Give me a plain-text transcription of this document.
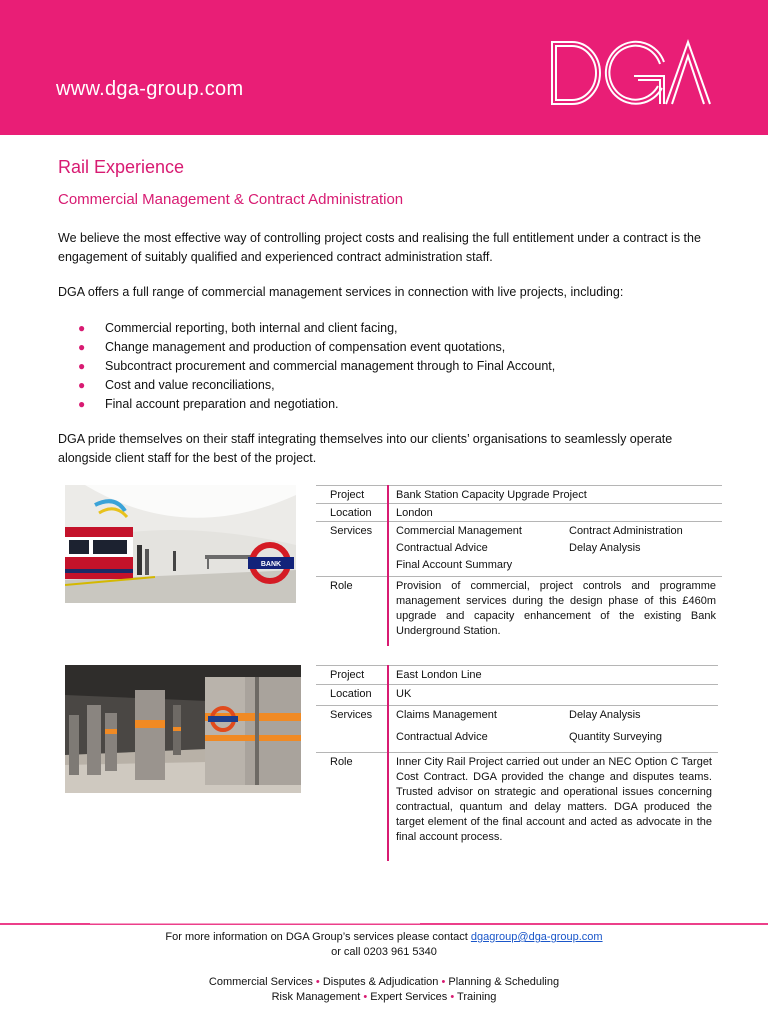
www.dga-group.com
Rail Experience
Commercial Management & Contract Administration
We believe the most effective way of controlling project costs and realising the full entitlement under a contract is the engagement of suitably qualified and experienced contract administration staff.
DGA offers a full range of commercial management services in connection with live projects, including:
● Commercial reporting, both internal and client facing,
● Change management and production of compensation event quotations,
● Subcontract procurement and commercial management through to Final Account,
● Cost and value reconciliations,
● Final account preparation and negotiation.
DGA pride themselves on their staff integrating themselves into our clients’ organisations to seamlessly operate alongside client staff for the best of the project.
BANK
Project	Bank Station Capacity Upgrade Project
Location London
Services Commercial Management	Contract Administration
Contractual Advice	Delay Analysis
Final Account Summary
Role	Provision of commercial, project controls and programme management services during the design phase of this £460m upgrade and capacity enhancement of the existing Bank Underground Station.
Project	East London Line
Location UK
Services Claims Management	Delay Analysis
Contractual Advice	Quantity Surveying
Role	Inner City Rail Project carried out under an NEC Option C Target Cost Contract. DGA provided the change and disputes teams. Trusted advisor on strategic and operational issues concerning contractual, quantum and delay matters. DGA produced the target element of the final account and acted as advocate in the final account process.
For more information on DGA Group’s services please contact dgagroup@dga-group.com
or call 0203 961 5340
Commercial Services • Disputes & Adjudication • Planning & Scheduling
Risk Management • Expert Services • Training
